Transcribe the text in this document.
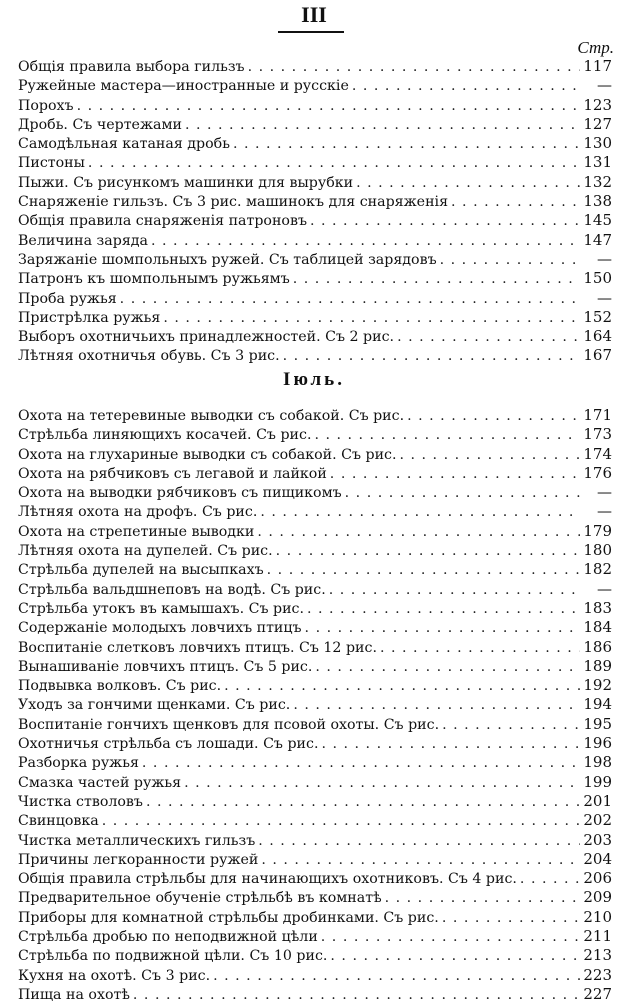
III
Стр.
Общія правила выбора гильзъ . . .	117
Ружейные мастера—иностранные и русскіе . . .	—
Порохъ . . .	123
Дробь. Съ чертежами . . .	127
Самодѣльная катаная дробь . . .	130
Пистоны . . .	131
Пыжи. Съ рисункомъ машинки для вырубки . . .	132
Снаряженіе гильзъ. Съ 3 рис. машинокъ для снаряженія . . .	138
Общія правила снаряженія патроновъ . . .	145
Величина заряда . . .	147
Заряжаніе шомпольныхъ ружей. Съ таблицей зарядовъ . . .	—
Патронъ къ шомпольнымъ ружьямъ . . .	150
Проба ружья . . .	—
Пристрѣлка ружья . . .	152
Выборъ охотничьихъ принадлежностей. Съ 2 рис. . . .	164
Лѣтняя охотничья обувь. Съ 3 рис. . . .	167
Іюль.
Охота на тетеревиные выводки съ собакой. Съ рис. . . .	171
Стрѣльба линяющихъ косачей. Съ рис. . . .	173
Охота на глухариные выводки съ собакой. Съ рис. . . .	174
Охота на рябчиковъ съ легавой и лайкой . . .	176
Охота на выводки рябчиковъ съ пищикомъ . . .	—
Лѣтняя охота на дрофъ. Съ рис. . . .	—
Охота на стрепетиные выводки . . .	179
Лѣтняя охота на дупелей. Съ рис. . . .	180
Стрѣльба дупелей на высыпкахъ . . .	182
Стрѣльба вальдшнеповъ на водѣ. Съ рис. . . .	—
Стрѣльба утокъ въ камышахъ. Съ рис. . . .	183
Содержаніе молодыхъ ловчихъ птицъ . . .	184
Воспитаніе слетковъ ловчихъ птицъ. Съ 12 рис. . . .	186
Вынашиваніе ловчихъ птицъ. Съ 5 рис. . . .	189
Подвывка волковъ. Съ рис. . . .	192
Уходъ за гончими щенками. Съ рис. . . .	194
Воспитаніе гончихъ щенковъ для псовой охоты. Съ рис. . . .	195
Охотничья стрѣльба съ лошади. Съ рис. . . .	196
Разборка ружья . . .	198
Смазка частей ружья . . .	199
Чистка стволовъ . . .	201
Свинцовка . . .	202
Чистка металлическихъ гильзъ . . .	203
Причины легкоранности ружей . . .	204
Общія правила стрѣльбы для начинающихъ охотниковъ. Съ 4 рис. . . .	206
Предварительное обученіе стрѣльбѣ въ комнатѣ . . .	209
Приборы для комнатной стрѣльбы дробинками. Съ рис. . . .	210
Стрѣльба дробью по неподвижной цѣли . . .	211
Стрѣльба по подвижной цѣли. Съ 10 рис. . . .	213
Кухня на охотѣ. Съ 3 рис. . . .	223
Пища на охотѣ . . .	227
